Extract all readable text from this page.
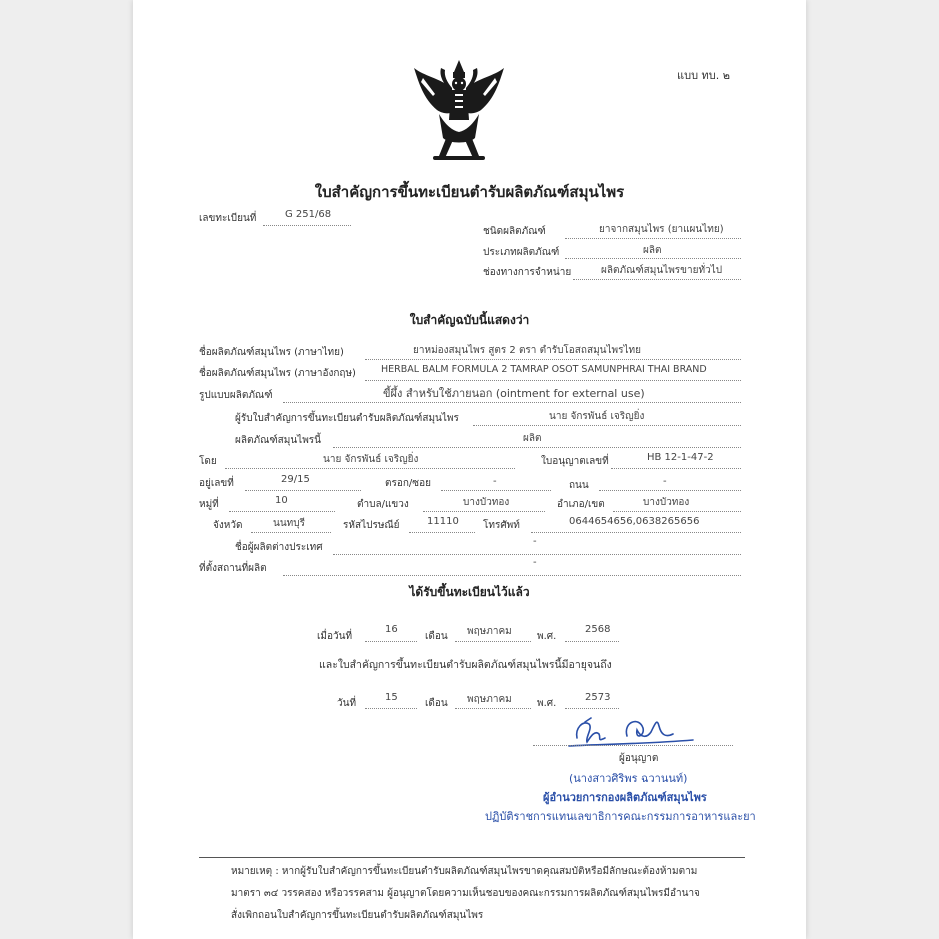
แบบ ทบ. ๒
ใบสำคัญการขึ้นทะเบียนตำรับผลิตภัณฑ์สมุนไพร
เลขทะเบียนที่	G 251/68
ชนิดผลิตภัณฑ์	ยาจากสมุนไพร (ยาแผนไทย)
ประเภทผลิตภัณฑ์	ผลิต
ช่องทางการจำหน่าย	ผลิตภัณฑ์สมุนไพรขายทั่วไป
ใบสำคัญฉบับนี้แสดงว่า
ชื่อผลิตภัณฑ์สมุนไพร (ภาษาไทย)	ยาหม่องสมุนไพร สูตร 2 ตรา ตำรับโอสถสมุนไพรไทย
ชื่อผลิตภัณฑ์สมุนไพร (ภาษาอังกฤษ)	HERBAL BALM FORMULA 2 TAMRAP OSOT SAMUNPHRAI THAI BRAND
รูปแบบผลิตภัณฑ์	ขี้ผึ้ง สำหรับใช้ภายนอก (ointment for external use)
ผู้รับใบสำคัญการขึ้นทะเบียนตำรับผลิตภัณฑ์สมุนไพร	นาย จักรพันธ์ เจริญยิ่ง
ผลิตภัณฑ์สมุนไพรนี้	ผลิต
โดย	นาย จักรพันธ์ เจริญยิ่ง	ใบอนุญาตเลขที่	HB 12-1-47-2
อยู่เลขที่	29/15	ตรอก/ซอย	-	ถนน	-
หมู่ที่	10	ตำบล/แขวง	บางบัวทอง	อำเภอ/เขต	บางบัวทอง
จังหวัด	นนทบุรี	รหัสไปรษณีย์	11110 โทรศัพท์	0644654656,0638265656
ชื่อผู้ผลิตต่างประเทศ
-
ที่ตั้งสถานที่ผลิต
-
ได้รับขึ้นทะเบียนไว้แล้ว
เมื่อวันที่
16
เดือน พฤษภาคม	พ.ศ.
2568
และใบสำคัญการขึ้นทะเบียนตำรับผลิตภัณฑ์สมุนไพรนี้มีอายุจนถึง
วันที่
15
เดือน พฤษภาคม	พ.ศ.
2573
ผู้อนุญาต
(นางสาวศิริพร ฉวานนท์)
ผู้อำนวยการกองผลิตภัณฑ์สมุนไพร
ปฏิบัติราชการแทนเลขาธิการคณะกรรมการอาหารและยา
หมายเหตุ : หากผู้รับใบสำคัญการขึ้นทะเบียนตำรับผลิตภัณฑ์สมุนไพรขาดคุณสมบัติหรือมีลักษณะต้องห้ามตาม
มาตรา ๓๔ วรรคสอง หรือวรรคสาม ผู้อนุญาตโดยความเห็นชอบของคณะกรรมการผลิตภัณฑ์สมุนไพรมีอำนาจ
สั่งเพิกถอนใบสำคัญการขึ้นทะเบียนตำรับผลิตภัณฑ์สมุนไพร
